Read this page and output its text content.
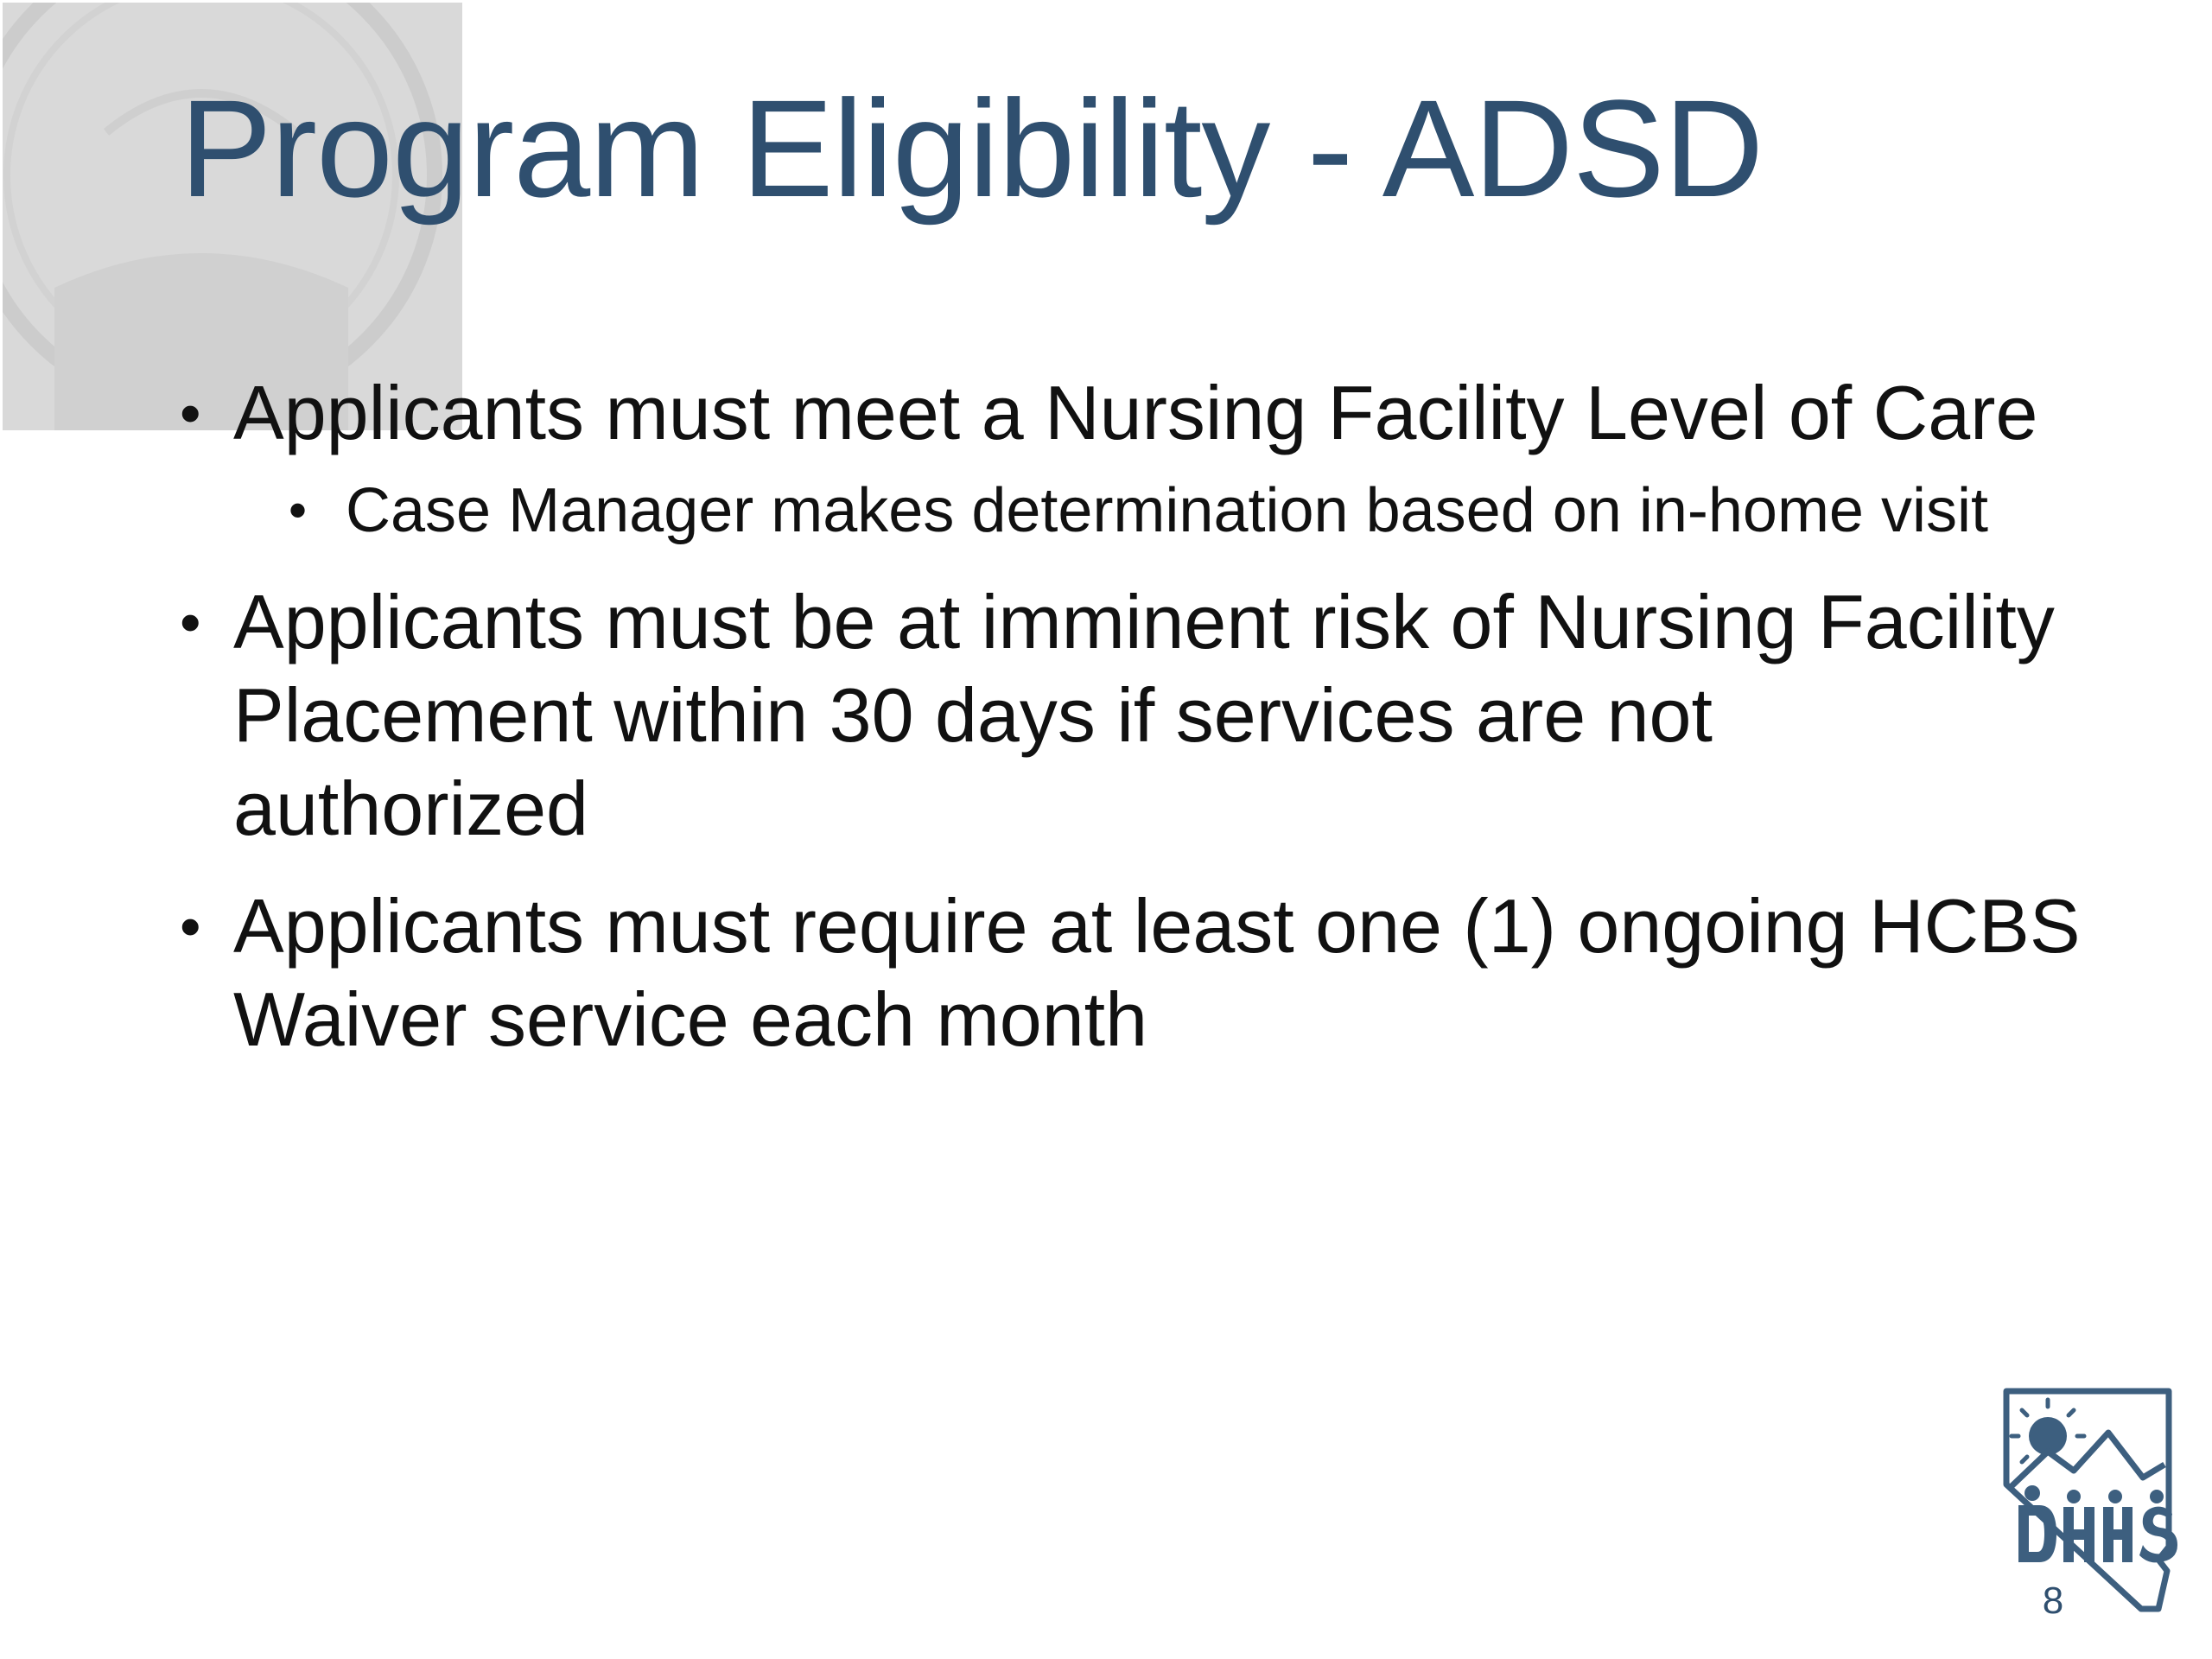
Program Eligibility - ADSD
• Applicants must meet a Nursing Facility Level of Care
• Case Manager makes determination based on in-home visit
• Applicants must be at imminent risk of Nursing Facility Placement within 30 days if services are not authorized
• Applicants must require at least one (1) ongoing HCBS Waiver service each month
8
